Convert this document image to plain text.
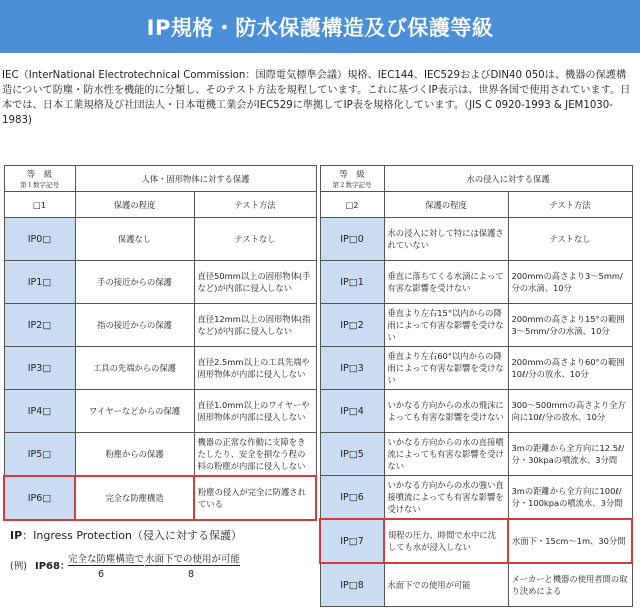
IP規格・防水保護構造及び保護等級
IEC（InterNational Electrotechnical Commission：国際電気標準会議）規格、IEC144、IEC529およびDIN40 050は、機器の保護構造について防塵・防水性を機能的に分類し、そのテスト方法を規程しています。これに基づくIP表示は、世界各国で使用されています。日本では、日本工業規格及び社団法人・日本電機工業会がIEC529に準拠してIP表を規格化しています。（JIS C 0920-1993 & JEM1030-1983)
等　級
第１数字記号	人体・固形物体に対する保護	
□1	保護の程度	テスト方法
IP0□	保護なし	テストなし
IP1□	手の接近からの保護	直径50mm以上の固形物体(手など)が内部に侵入しない
IP2□	指の接近からの保護	直径12mm以上の固形物体(指など)が内部に侵入しない
IP3□	工具の先端からの保護	直径2.5mm以上の工具先端や固形物体が内部に侵入しない
IP4□	ワイヤーなどからの保護	直径1.0mm以上のワイヤーや固形物体が内部に侵入しない
IP5□	粉塵からの保護	機器の正常な作動に支障をきたしたり、安全を損なう程の料の粉塵が内部に侵入しない
IP6□	完全な防塵構造	粉塵の侵入が完全に防護されている
等　級
第２数字記号	水の侵入に対する保護	
□2	保護の程度	テスト方法
IP□0	水の浸入に対して特には保護されていない	テストなし
IP□1	垂直に落ちてくる水滴によって有害な影響を受けない	200mmの高さより3～5mm/分の水滴、10分
IP□2	垂直より左右15°以内からの降雨によって有害な影響を受けない	200mmの高さより15°の範囲3～5mm/分の水滴、10分
IP□3	垂直より左右60°以内からの降雨によって有害な影響を受けない	200mmの高さより60°の範囲10ℓ/分の放水、10分
IP□4	いかなる方向からの水の飛沫によっても有害な影響を受けない	300～500mmの高さより全方向に10ℓ/分の放水、10分
IP□5	いかなる方向からの水の直接噴流によっても有害な影響を受けない	3mの距離から全方向に12.5ℓ/分・30kpaの噴流水、3分間
IP□6	いかなる方向からの水の強い直接噴流によっても有害な影響を受けない	3mの距離から全方向に100ℓ/分・100kpaの噴流水、3分間
IP□7	規程の圧力、時間で水中に沈しても水が浸入しない	水面下・15cm～1m、30分間
IP□8	水面下での使用が可能	メーカーと機器の使用者間の取り決めによる
IP：Ingress Protection（侵入に対する保護）
(例) IP68：
完全な防塵構造で 水面下での使用が可能
6	8
